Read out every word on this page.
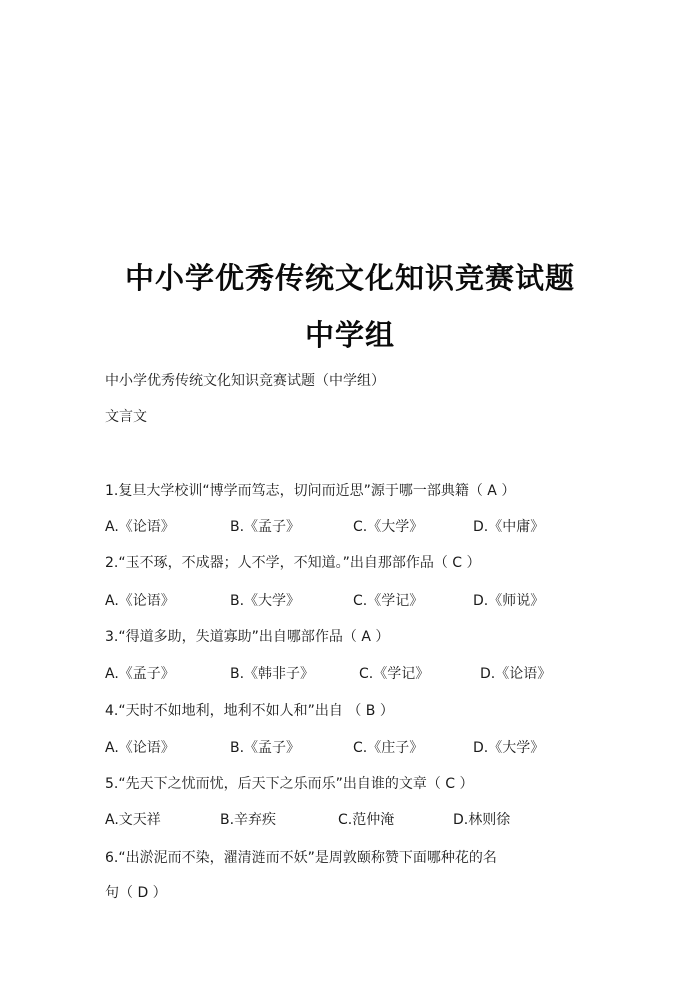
中小学优秀传统文化知识竞赛试题
中学组
中小学优秀传统文化知识竞赛试题（中学组）
文言文
1.复旦大学校训“博学而笃志，切问而近思”源于哪一部典籍（ A ）
A.《论语》	B.《孟子》	C.《大学》	D.《中庸》
2.“玉不琢，不成器；人不学，不知道。”出自那部作品（ C ）
A.《论语》	B.《大学》	C.《学记》	D.《师说》
3.“得道多助，失道寡助”出自哪部作品（ A ）
A.《孟子》	B.《韩非子》	C.《学记》	D.《论语》
4.“天时不如地利，地利不如人和”出自 （ B ）
A.《论语》	B.《孟子》	C.《庄子》	D.《大学》
5.“先天下之忧而忧，后天下之乐而乐”出自谁的文章（ C ）
A.文天祥	B.辛弃疾	C.范仲淹	D.林则徐
6.“出淤泥而不染，濯清涟而不妖”是周敦颐称赞下面哪种花的名
句（ D ）
